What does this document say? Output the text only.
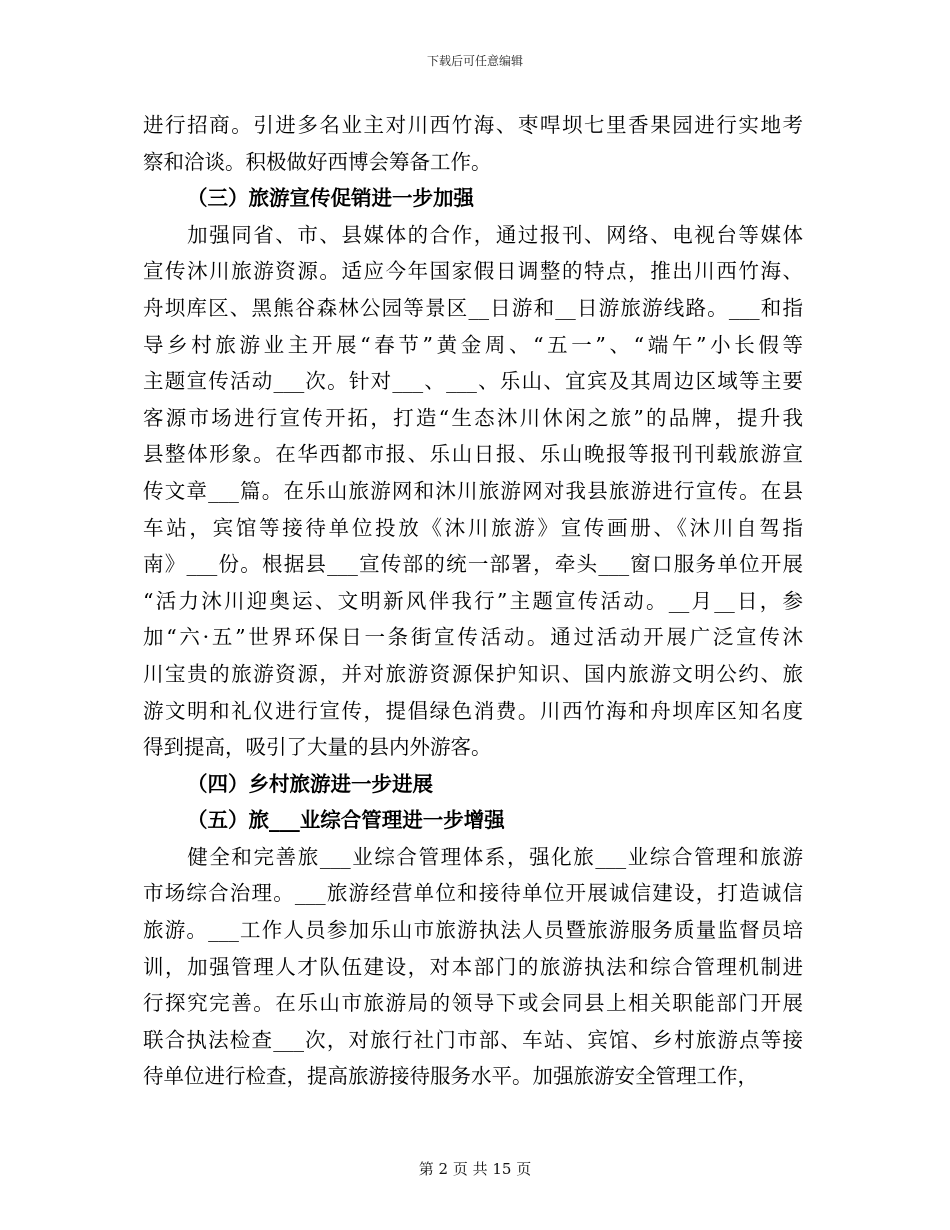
下载后可任意编辑
进行招商。引进多名业主对川西竹海、枣哻坝七里香果园进行实地考
察和洽谈。积极做好西博会筹备工作。
（三）旅游宣传促销进一步加强
　　加强同省、市、县媒体的合作，通过报刊、网络、电视台等媒体
宣传沐川旅游资源。适应今年国家假日调整的特点，推出川西竹海、
舟坝库区、黑熊谷森林公园等景区__日游和__日游旅游线路。___和指
导乡村旅游业主开展“春节”黄金周、“五一”、“端午”小长假等
主题宣传活动___次。针对___、___、乐山、宜宾及其周边区域等主要
客源市场进行宣传开拓，打造“生态沐川休闲之旅”的品牌，提升我
县整体形象。在华西都市报、乐山日报、乐山晚报等报刊刊载旅游宣
传文章___篇。在乐山旅游网和沐川旅游网对我县旅游进行宣传。在县
车站，宾馆等接待单位投放《沐川旅游》宣传画册、《沐川自驾指
南》___份。根据县___宣传部的统一部署，牵头___窗口服务单位开展
“活力沐川迎奥运、文明新风伴我行”主题宣传活动。__月__日，参
加“六·五”世界环保日一条街宣传活动。通过活动开展广泛宣传沐
川宝贵的旅游资源，并对旅游资源保护知识、国内旅游文明公约、旅
游文明和礼仪进行宣传，提倡绿色消费。川西竹海和舟坝库区知名度
得到提高，吸引了大量的县内外游客。
（四）乡村旅游进一步进展
（五）旅___业综合管理进一步增强
　　健全和完善旅___业综合管理体系，强化旅___业综合管理和旅游
市场综合治理。___旅游经营单位和接待单位开展诚信建设，打造诚信
旅游。___工作人员参加乐山市旅游执法人员暨旅游服务质量监督员培
训，加强管理人才队伍建设，对本部门的旅游执法和综合管理机制进
行探究完善。在乐山市旅游局的领导下或会同县上相关职能部门开展
联合执法检查___次，对旅行社门市部、车站、宾馆、乡村旅游点等接
待单位进行检查，提高旅游接待服务水平。加强旅游安全管理工作，
第 2 页 共 15 页
